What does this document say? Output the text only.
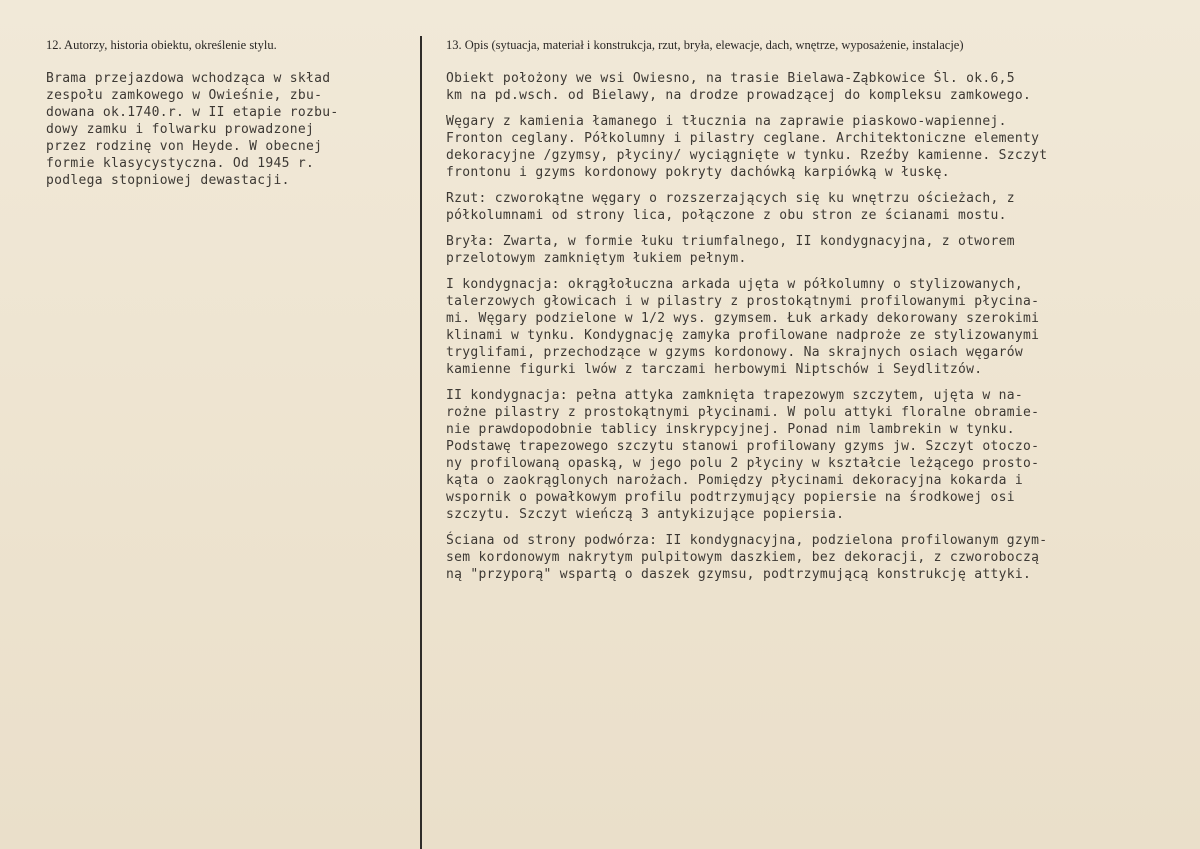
12. Autorzy, historia obiektu, określenie stylu.	13. Opis (sytuacja, materiał i konstrukcja, rzut, bryła, elewacje, dach, wnętrze, wyposażenie, instalacje)
Brama przejazdowa wchodząca w skład
zespołu zamkowego w Owieśnie, zbu-
dowana ok.1740.r. w II etapie rozbu-
dowy zamku i folwarku prowadzonej
przez rodzinę von Heyde. W obecnej
formie klasycystyczna. Od 1945 r.
podlega stopniowej dewastacji.
Obiekt położony we wsi Owiesno, na trasie Bielawa-Ząbkowice Śl. ok.6,5
km na pd.wsch. od Bielawy, na drodze prowadzącej do kompleksu zamkowego.
Węgary z kamienia łamanego i tłucznia na zaprawie piaskowo-wapiennej.
Fronton ceglany. Półkolumny i pilastry ceglane. Architektoniczne elementy
dekoracyjne /gzymsy, płyciny/ wyciągnięte w tynku. Rzeźby kamienne. Szczyt
frontonu i gzyms kordonowy pokryty dachówką karpiówką w łuskę.
Rzut: czworokątne węgary o rozszerzających się ku wnętrzu ościeżach, z
półkolumnami od strony lica, połączone z obu stron ze ścianami mostu.
Bryła: Zwarta, w formie łuku triumfalnego, II kondygnacyjna, z otworem
przelotowym zamkniętym łukiem pełnym.
I kondygnacja: okrągłołuczna arkada ujęta w półkolumny o stylizowanych,
talerzowych głowicach i w pilastry z prostokątnymi profilowanymi płycina-
mi. Węgary podzielone w 1/2 wys. gzymsem. Łuk arkady dekorowany szerokimi
klinami w tynku. Kondygnację zamyka profilowane nadproże ze stylizowanymi
tryglifami, przechodzące w gzyms kordonowy. Na skrajnych osiach węgarów
kamienne figurki lwów z tarczami herbowymi Niptschów i Seydlitzów.
II kondygnacja: pełna attyka zamknięta trapezowym szczytem, ujęta w na-
rożne pilastry z prostokątnymi płycinami. W polu attyki floralne obramie-
nie prawdopodobnie tablicy inskrypcyjnej. Ponad nim lambrekin w tynku.
Podstawę trapezowego szczytu stanowi profilowany gzyms jw. Szczyt otoczo-
ny profilowaną opaską, w jego polu 2 płyciny w kształcie leżącego prosto-
kąta o zaokrąglonych narożach. Pomiędzy płycinami dekoracyjna kokarda i
wspornik o powałkowym profilu podtrzymujący popiersie na środkowej osi
szczytu. Szczyt wieńczą 3 antykizujące popiersia.
Ściana od strony podwórza: II kondygnacyjna, podzielona profilowanym gzym-
sem kordonowym nakrytym pulpitowym daszkiem, bez dekoracji, z czworoboczą
ną "przyporą" wspartą o daszek gzymsu, podtrzymującą konstrukcję attyki.
